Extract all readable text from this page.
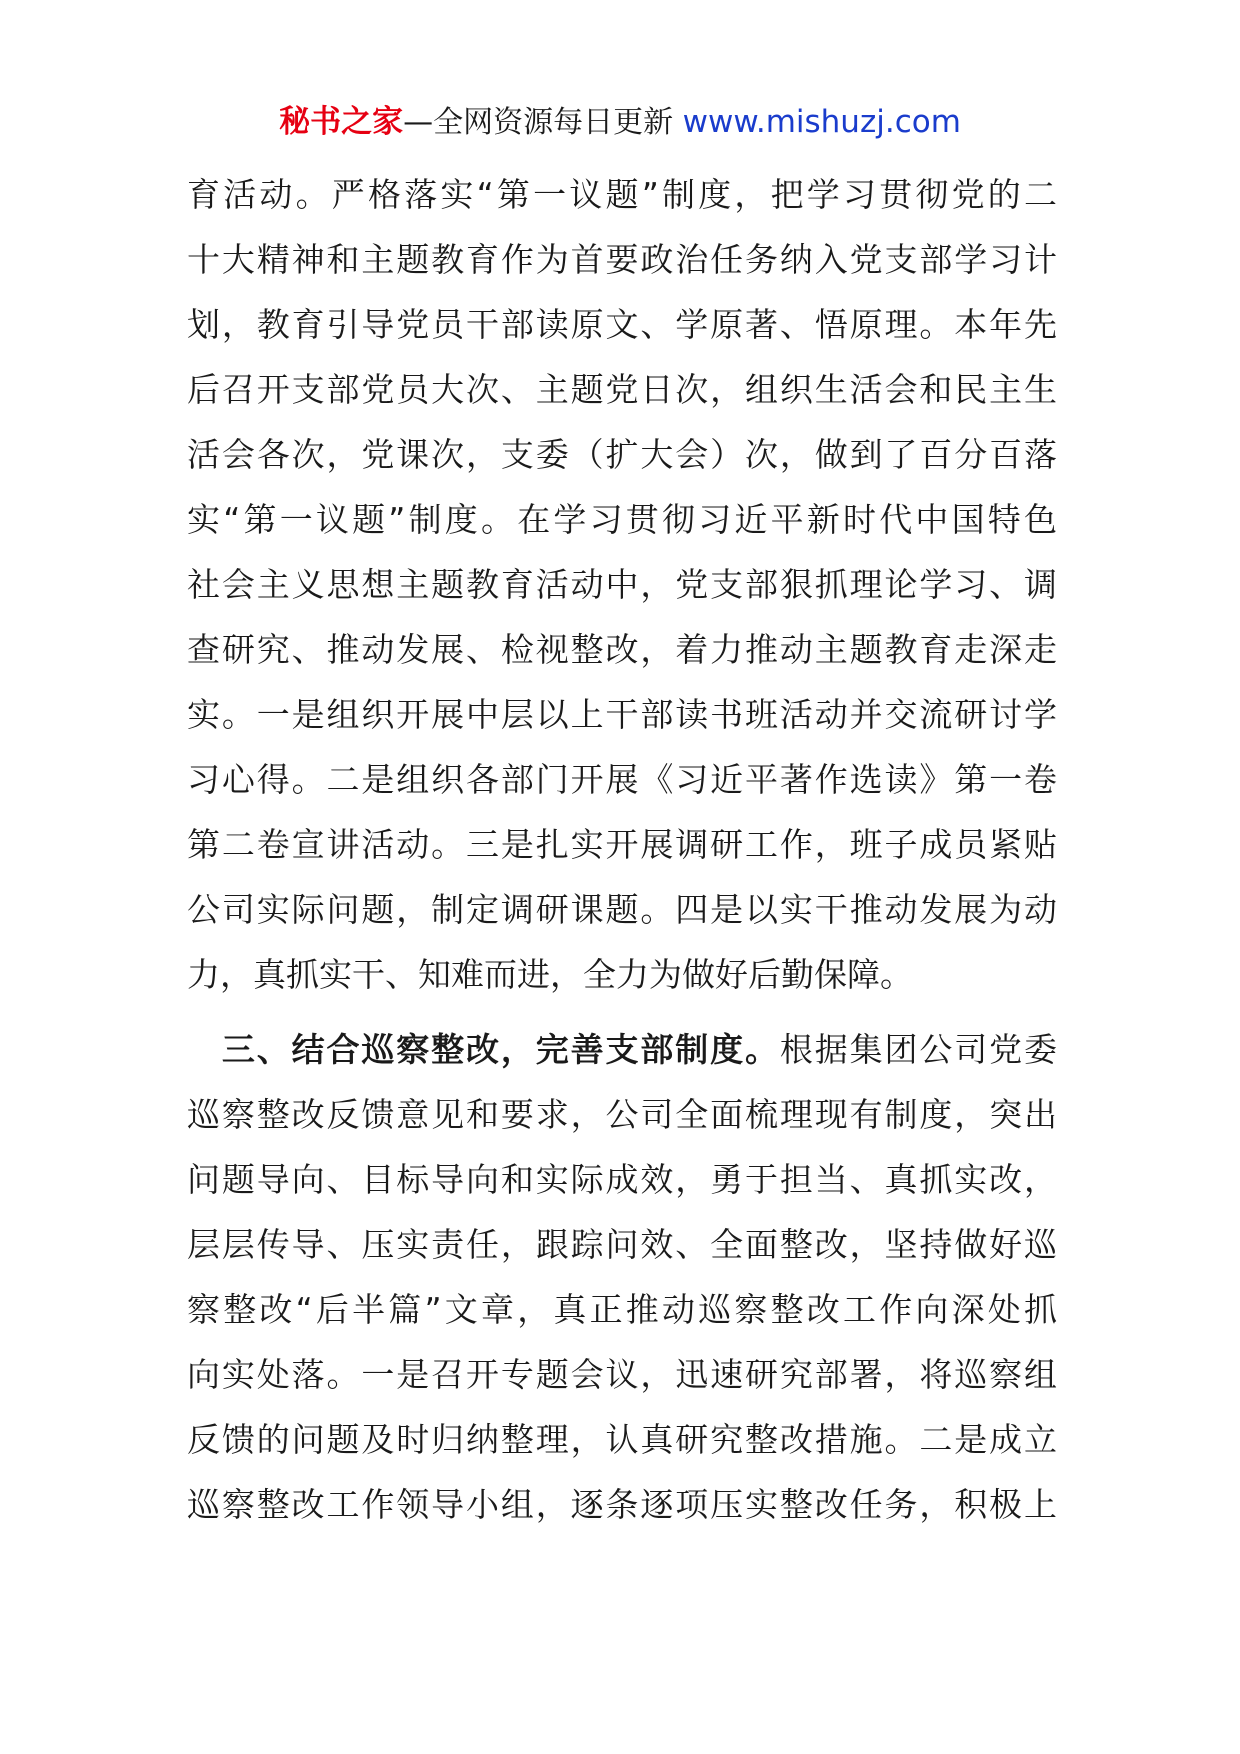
秘书之家—全网资源每日更新 www.mishuzj.com
育活动。严格落实“第一议题”制度，把学习贯彻党的二
十大精神和主题教育作为首要政治任务纳入党支部学习计
划，教育引导党员干部读原文、学原著、悟原理。本年先
后召开支部党员大次、主题党日次，组织生活会和民主生
活会各次，党课次，支委（扩大会）次，做到了百分百落
实“第一议题”制度。在学习贯彻习近平新时代中国特色
社会主义思想主题教育活动中，党支部狠抓理论学习、调
查研究、推动发展、检视整改，着力推动主题教育走深走
实。一是组织开展中层以上干部读书班活动并交流研讨学
习心得。二是组织各部门开展《习近平著作选读》第一卷
第二卷宣讲活动。三是扎实开展调研工作，班子成员紧贴
公司实际问题，制定调研课题。四是以实干推动发展为动
力，真抓实干、知难而进，全力为做好后勤保障。
三、结合巡察整改，完善支部制度。根据集团公司党委
巡察整改反馈意见和要求，公司全面梳理现有制度，突出
问题导向、目标导向和实际成效，勇于担当、真抓实改，
层层传导、压实责任，跟踪问效、全面整改，坚持做好巡
察整改“后半篇”文章，真正推动巡察整改工作向深处抓
向实处落。一是召开专题会议，迅速研究部署，将巡察组
反馈的问题及时归纳整理，认真研究整改措施。二是成立
巡察整改工作领导小组，逐条逐项压实整改任务，积极上
